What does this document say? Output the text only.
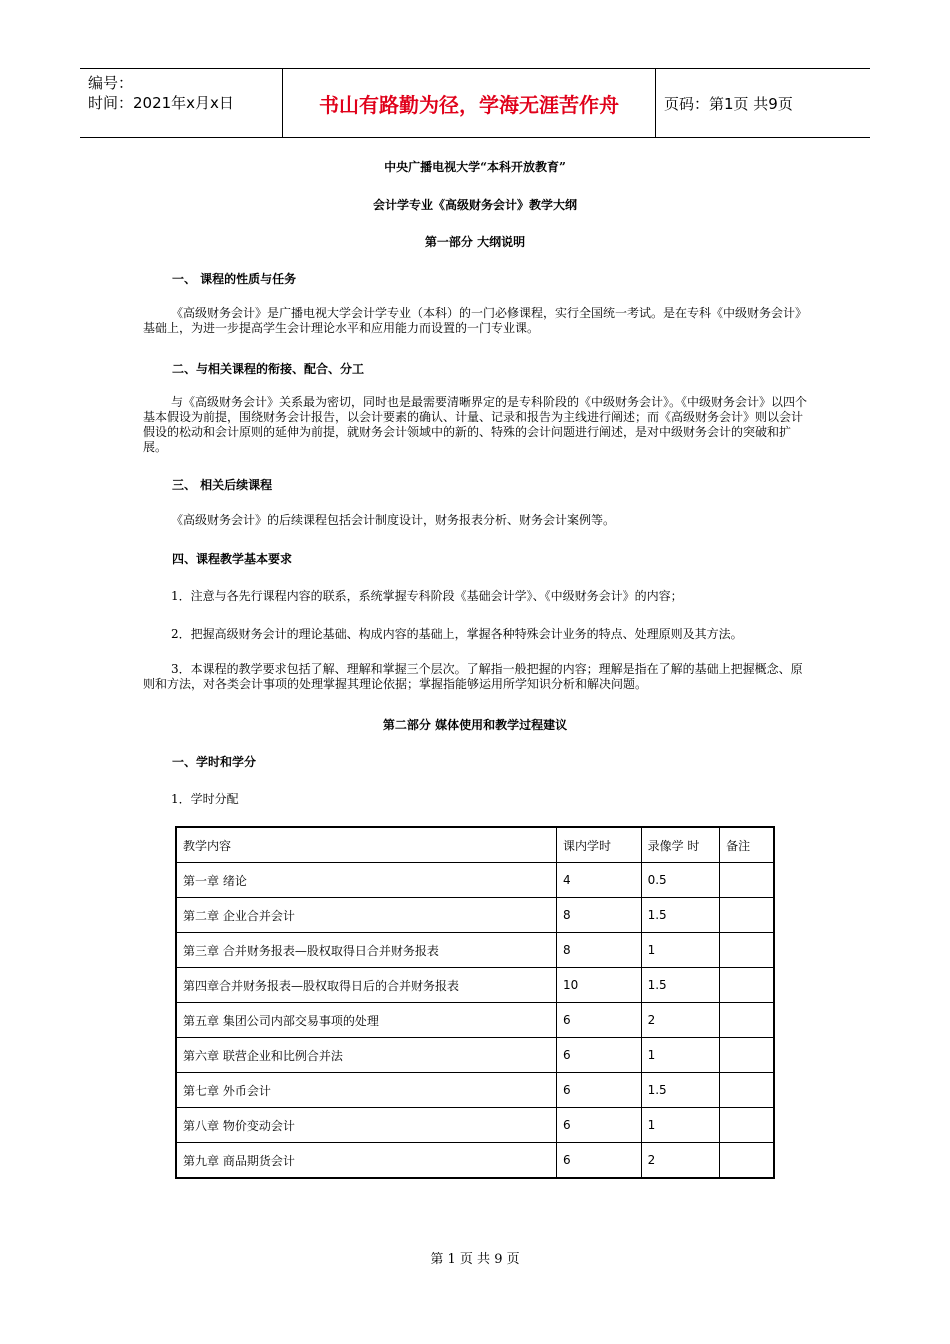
编号：
时间：2021年x月x日	书山有路勤为径，学海无涯苦作舟	页码：第1页 共9页
中央广播电视大学“本科开放教育”
会计学专业《高级财务会计》教学大纲
第一部分 大纲说明
一、 课程的性质与任务
《高级财务会计》是广播电视大学会计学专业（本科）的一门必修课程，实行全国统一考试。是在专科《中级财务会计》基础上，为进一步提高学生会计理论水平和应用能力而设置的一门专业课。
二、与相关课程的衔接、配合、分工
与《高级财务会计》关系最为密切，同时也是最需要清晰界定的是专科阶段的《中级财务会计》。《中级财务会计》以四个基本假设为前提，围绕财务会计报告，以会计要素的确认、计量、记录和报告为主线进行阐述；而《高级财务会计》则以会计假设的松动和会计原则的延伸为前提，就财务会计领域中的新的、特殊的会计问题进行阐述，是对中级财务会计的突破和扩展。
三、 相关后续课程
《高级财务会计》的后续课程包括会计制度设计，财务报表分析、财务会计案例等。
四、课程教学基本要求
1．注意与各先行课程内容的联系，系统掌握专科阶段《基础会计学》、《中级财务会计》的内容；
2．把握高级财务会计的理论基础、构成内容的基础上，掌握各种特殊会计业务的特点、处理原则及其方法。
3．本课程的教学要求包括了解、理解和掌握三个层次。了解指一般把握的内容；理解是指在了解的基础上把握概念、原则和方法，对各类会计事项的处理掌握其理论依据；掌握指能够运用所学知识分析和解决问题。
第二部分 媒体使用和教学过程建议
一、学时和学分
1．学时分配
教学内容	课内学时	录像学 时	备注
第一章 绪论	4	0.5	
第二章 企业合并会计	8	1.5	
第三章 合并财务报表—股权取得日合并财务报表	8	1	
第四章合并财务报表—股权取得日后的合并财务报表	10	1.5	
第五章 集团公司内部交易事项的处理	6	2	
第六章 联营企业和比例合并法	6	1	
第七章 外币会计	6	1.5	
第八章 物价变动会计	6	1	
第九章 商品期货会计	6	2	
第 1 页 共 9 页
